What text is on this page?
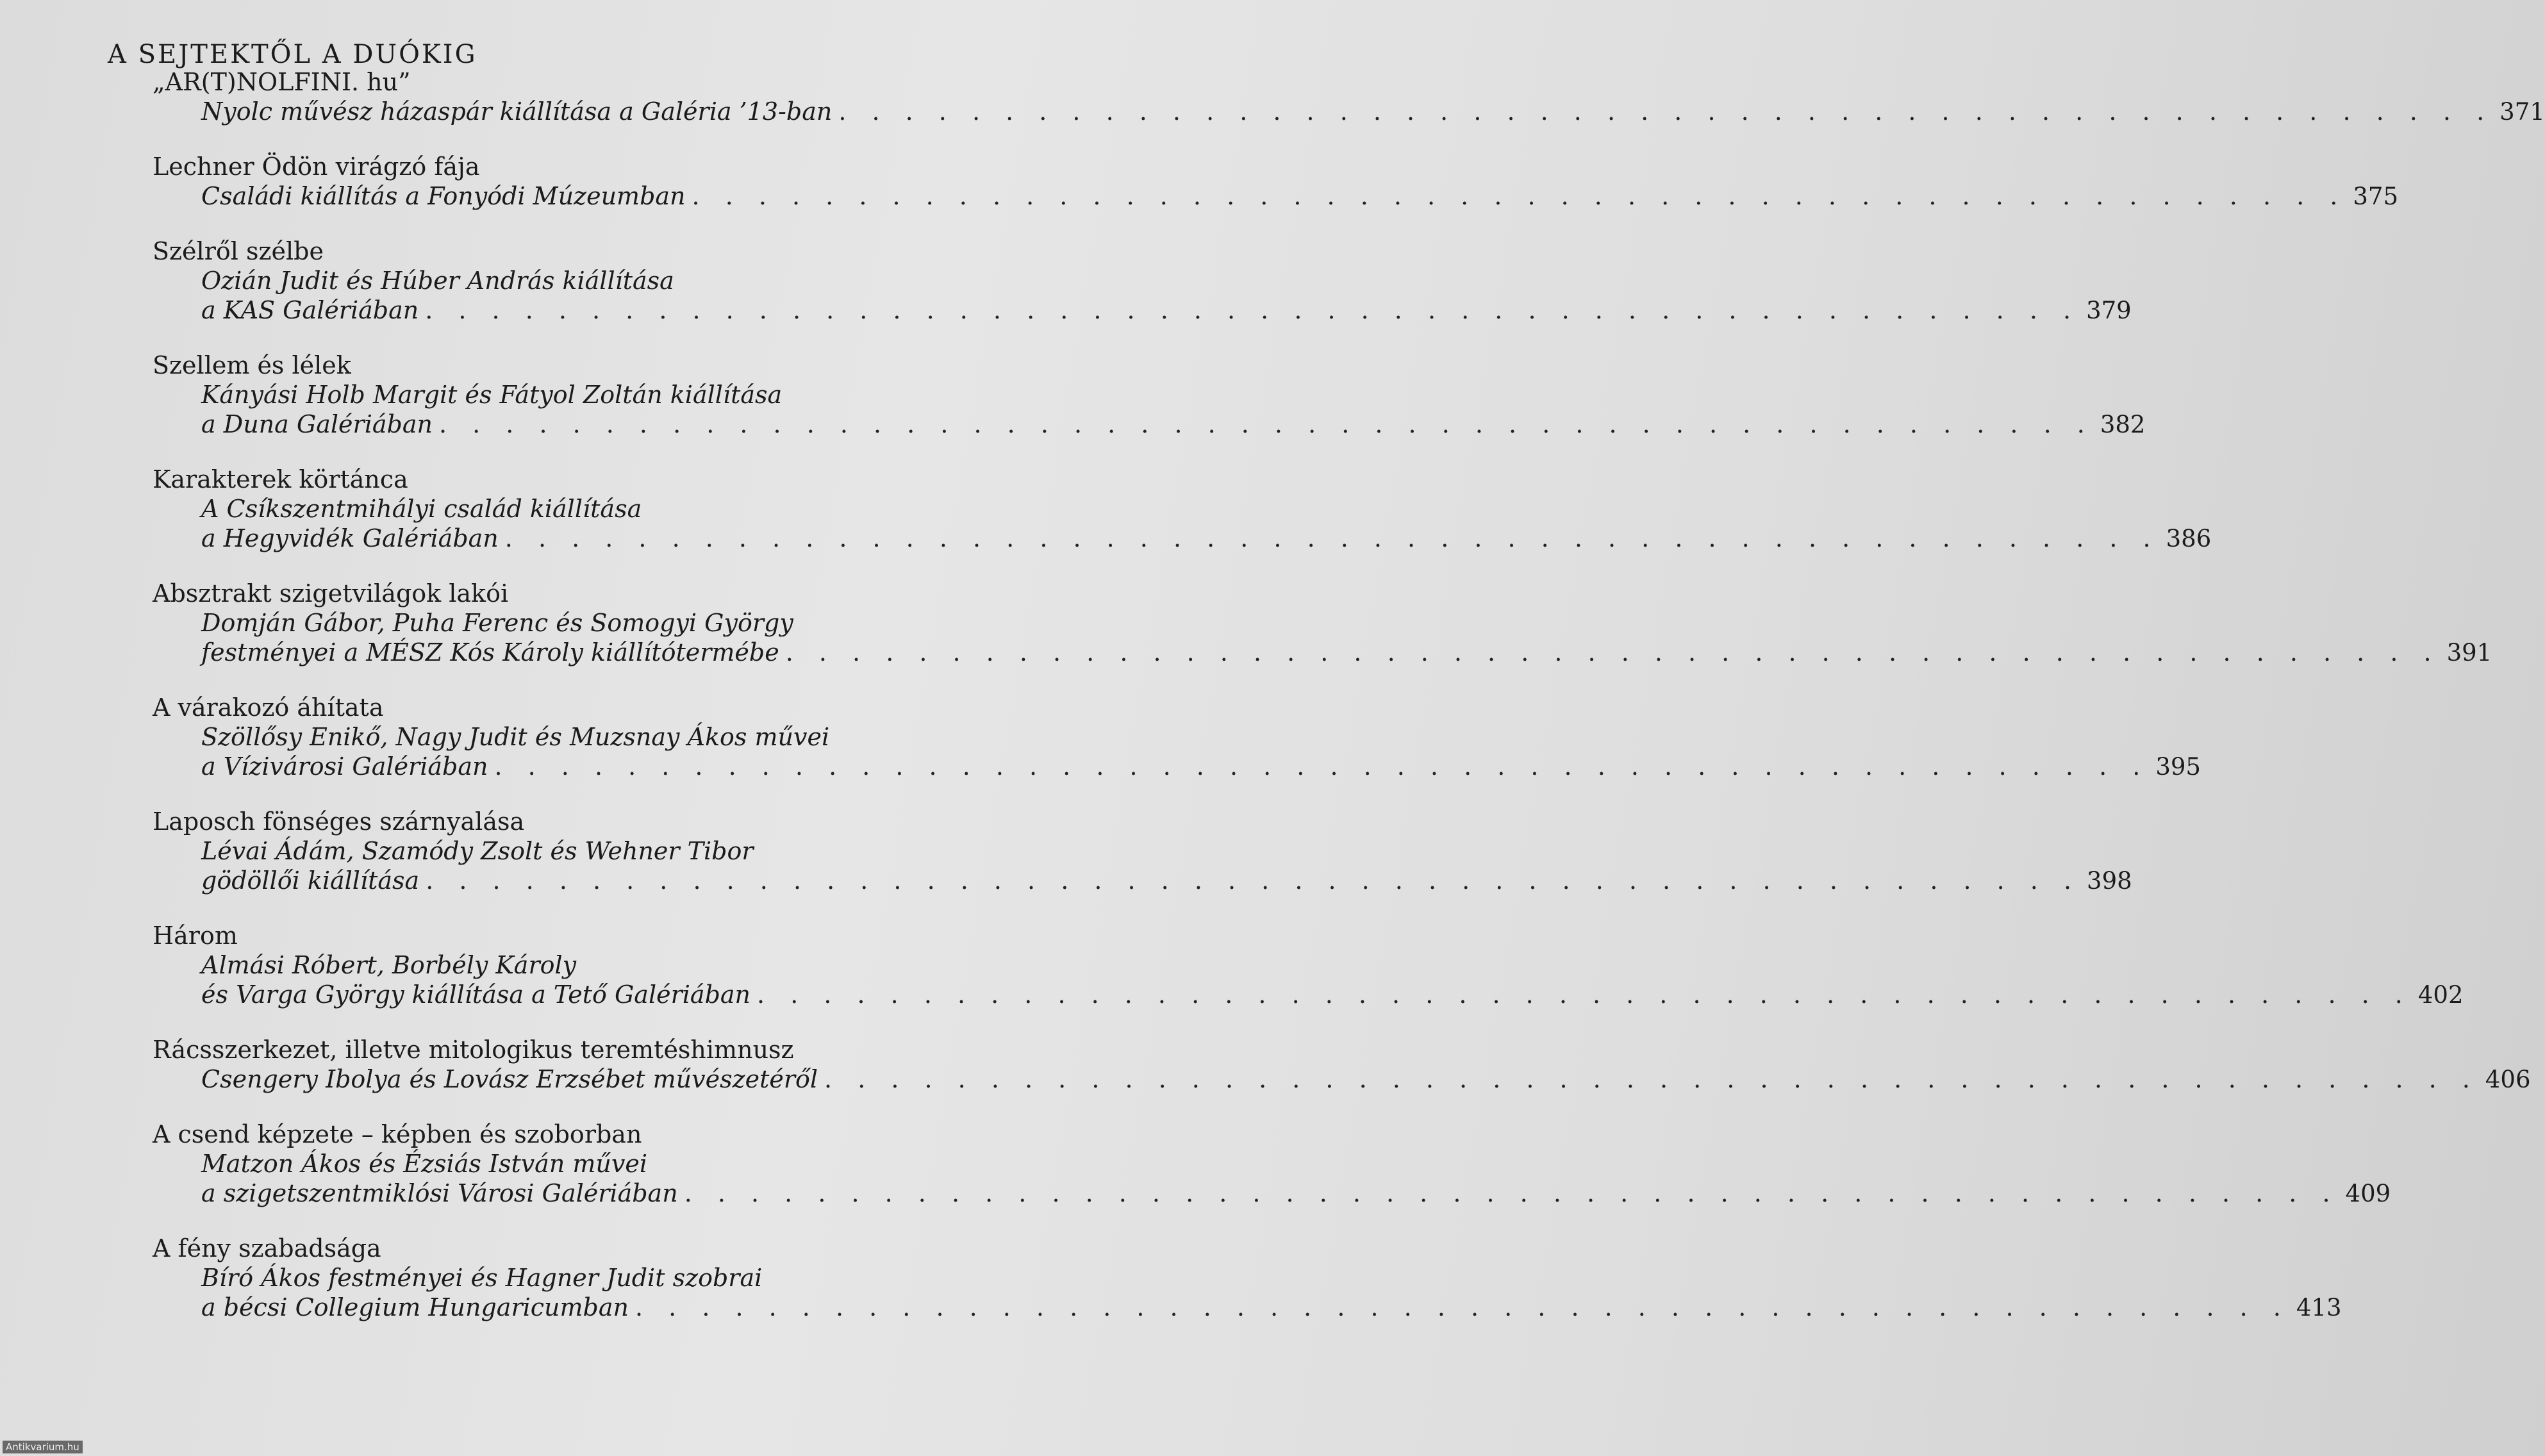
A SEJTEKTŐL A DUÓKIG
„AR(T)NOLFINI. hu”
Nyolc művész házaspár kiállítása a Galéria ’13-ban . . . . . . . . . . . . . . . . . . . . . . . . . . . . . . . . . . . . . . . . . . . . . . . . . . 371
Lechner Ödön virágzó fája
Családi kiállítás a Fonyódi Múzeumban . . . . . . . . . . . . . . . . . . . . . . . . . . . . . . . . . . . . . . . . . . . . . . . . . . 375
Szélről szélbe
Ozián Judit és Húber András kiállítása
a KAS Galériában . . . . . . . . . . . . . . . . . . . . . . . . . . . . . . . . . . . . . . . . . . . . . . . . . . 379
Szellem és lélek
Kányási Holb Margit és Fátyol Zoltán kiállítása
a Duna Galériában . . . . . . . . . . . . . . . . . . . . . . . . . . . . . . . . . . . . . . . . . . . . . . . . . . 382
Karakterek körtánca
A Csíkszentmihályi család kiállítása
a Hegyvidék Galériában . . . . . . . . . . . . . . . . . . . . . . . . . . . . . . . . . . . . . . . . . . . . . . . . . . 386
Absztrakt szigetvilágok lakói
Domján Gábor, Puha Ferenc és Somogyi György
festményei a MÉSZ Kós Károly kiállítótermébe . . . . . . . . . . . . . . . . . . . . . . . . . . . . . . . . . . . . . . . . . . . . . . . . . . 391
A várakozó áhítata
Szöllősy Enikő, Nagy Judit és Muzsnay Ákos művei
a Vízivárosi Galériában . . . . . . . . . . . . . . . . . . . . . . . . . . . . . . . . . . . . . . . . . . . . . . . . . . 395
Laposch fönséges szárnyalása
Lévai Ádám, Szamódy Zsolt és Wehner Tibor
gödöllői kiállítása . . . . . . . . . . . . . . . . . . . . . . . . . . . . . . . . . . . . . . . . . . . . . . . . . . 398
Három
Almási Róbert, Borbély Károly
és Varga György kiállítása a Tető Galériában . . . . . . . . . . . . . . . . . . . . . . . . . . . . . . . . . . . . . . . . . . . . . . . . . . 402
Rácsszerkezet, illetve mitologikus teremtéshimnusz
Csengery Ibolya és Lovász Erzsébet művészetéről . . . . . . . . . . . . . . . . . . . . . . . . . . . . . . . . . . . . . . . . . . . . . . . . . . 406
A csend képzete – képben és szoborban
Matzon Ákos és Ézsiás István művei
a szigetszentmiklósi Városi Galériában . . . . . . . . . . . . . . . . . . . . . . . . . . . . . . . . . . . . . . . . . . . . . . . . . . 409
A fény szabadsága
Bíró Ákos festményei és Hagner Judit szobrai
a bécsi Collegium Hungaricumban . . . . . . . . . . . . . . . . . . . . . . . . . . . . . . . . . . . . . . . . . . . . . . . . . . 413
Antikvarium.hu
